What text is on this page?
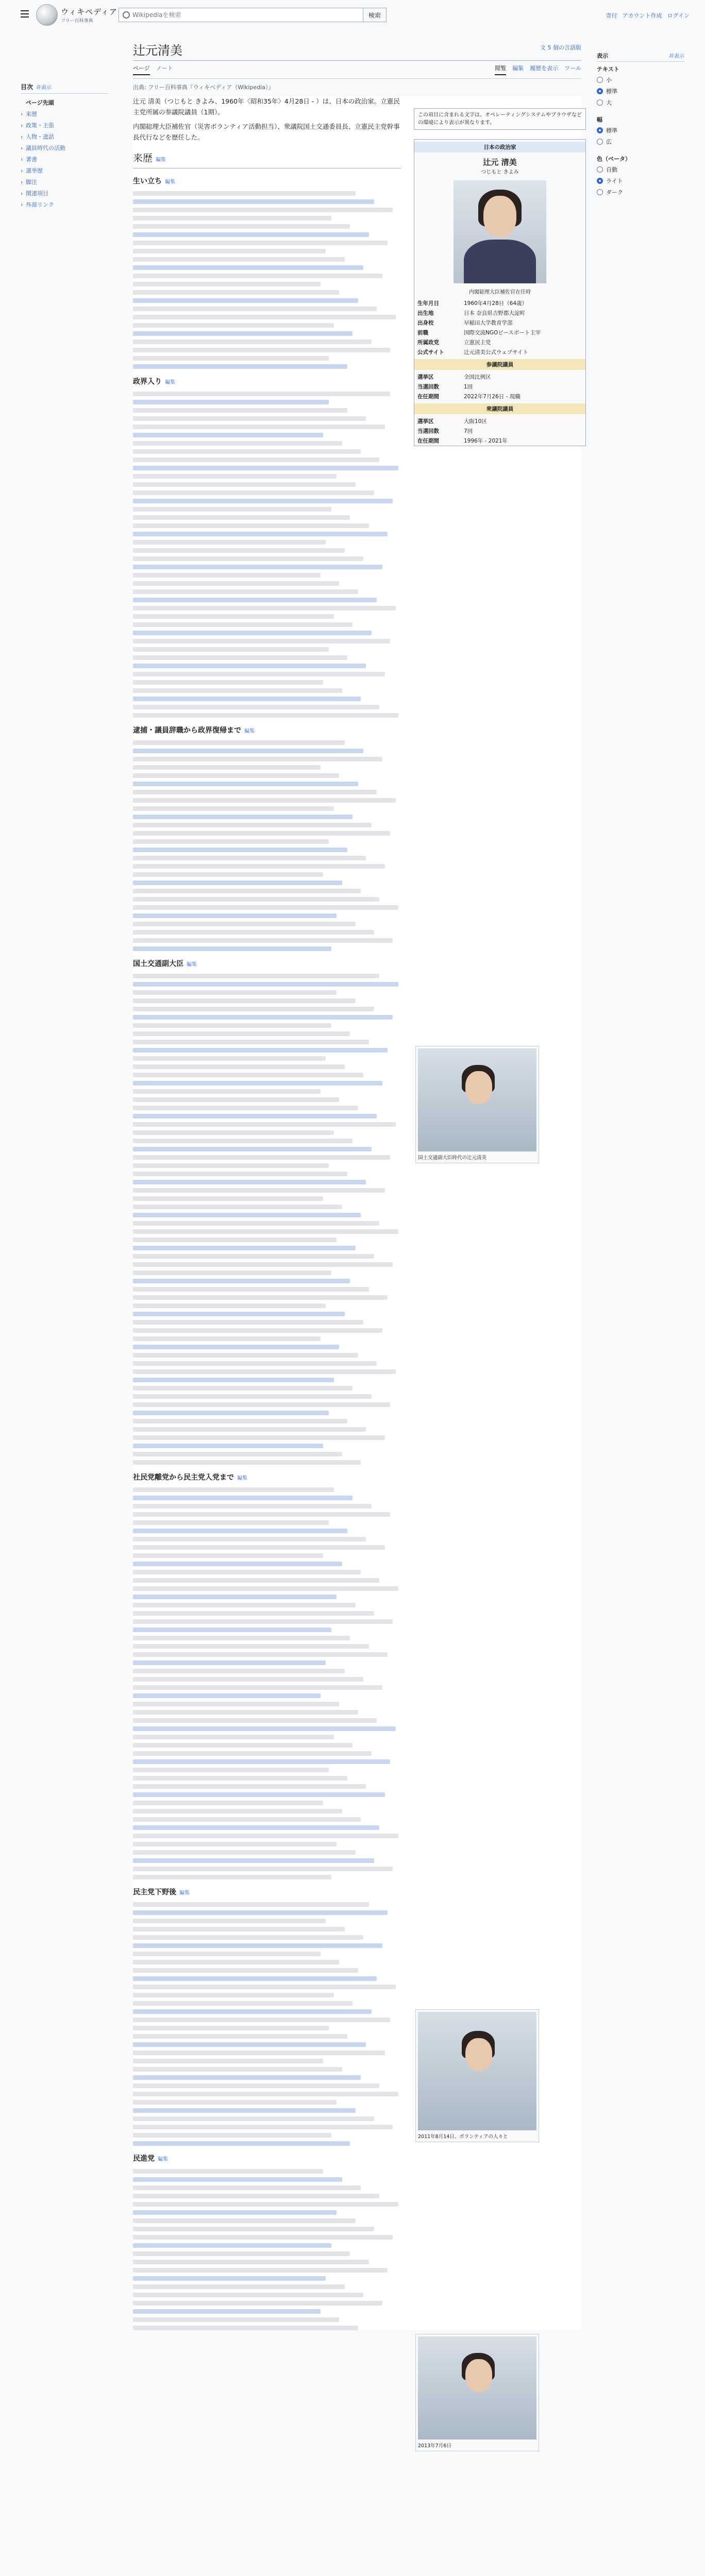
ウィキペディア
フリー百科事典
Wikipediaを検索
検索	寄付 アカウント作成 ログイン
目次 非表示
ページ先頭
› 来歴
› 政策・主張
› 人物・逸話
› 議員時代の活動
› 著書
› 選挙歴
› 脚注
› 関連項目
› 外部リンク
辻元清美	文 5 個の言語版
ページ ノート	閲覧 編集 履歴を表示 ツール
出典: フリー百科事典『ウィキペディア（Wikipedia）』

辻元 清美（つじもと きよみ、1960年〈昭和35年〉4月28日 - ）は、日本の政治家。立憲民主党所属の参議院議員（1期）。

内閣総理大臣補佐官（災害ボランティア活動担当）、衆議院国土交通委員長、立憲民主党幹事長代行などを歴任した。

来歴 編集
生い立ち 編集
政界入り 編集
逮捕・議員辞職から政界復帰まで 編集
国土交通副大臣 編集
社民党離党から民主党入党まで 編集
民主党下野後 編集
民進党 編集
この項目に含まれる文字は、オペレーティングシステムやブラウザなどの環境により表示が異なります。
日本の政治家
辻元 清美
つじもと きよみ
内閣総理大臣補佐官在任時
生年月日	1960年4月28日（64歳）
出生地	日本 奈良県吉野郡大淀町
出身校	早稲田大学教育学部
前職	国際交流NGOピースボート主宰
所属政党	立憲民主党
公式サイト	辻元清美公式ウェブサイト
参議院議員
選挙区	全国比例区
当選回数	1回
在任期間	2022年7月26日 - 現職
衆議院議員
選挙区	大阪10区
当選回数	7回
在任期間	1996年 - 2021年
表示	非表示
テキスト
小
標準
大
幅
標準
広
色（ベータ）
自動
ライト
ダーク
国土交通副大臣時代の辻元清美
2011年8月14日、ボランティアの人々と
2013年7月6日
